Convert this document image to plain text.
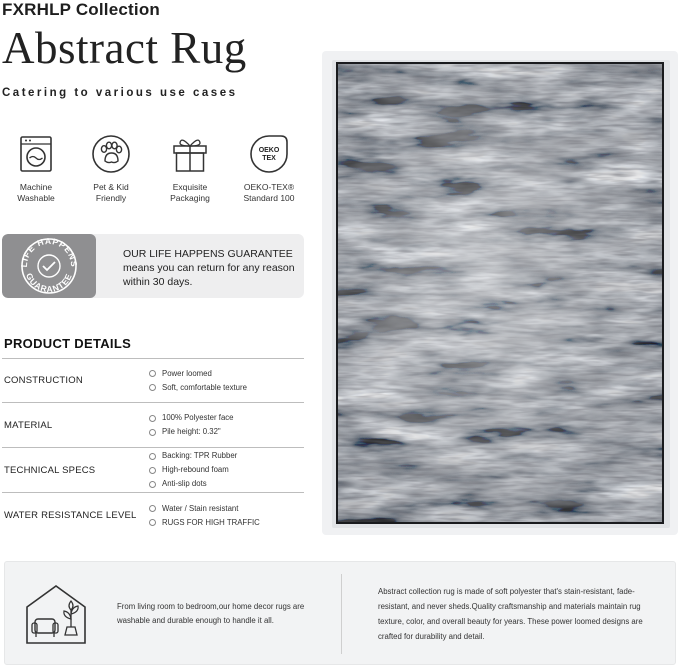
FXRHLP Collection
Abstract Rug
Catering to various use cases
Machine
Washable
Pet & Kid
Friendly
Exquisite
Packaging
OEKO
TEX
OEKO-TEX®
Standard 100
LIFE HAPPENS
GUARANTEE
OUR LIFE HAPPENS GUARANTEE means you can return for any reason within 30 days.
PRODUCT DETAILS
CONSTRUCTION
Power loomed
Soft, comfortable texture
MATERIAL
100% Polyester face
Pile height: 0.32"
TECHNICAL SPECS
Backing: TPR Rubber
High-rebound foam
Anti-slip dots
WATER RESISTANCE LEVEL
Water / Stain resistant
RUGS FOR HIGH TRAFFIC
From living room to bedroom,our home decor rugs are washable and durable enough to handle it all.
Abstract collection rug is made of soft polyester that's stain-resistant, fade-resistant, and never sheds.Quality craftsmanship and materials maintain rug texture, color, and overall beauty for years. These power loomed designs are crafted for durability and detail.
